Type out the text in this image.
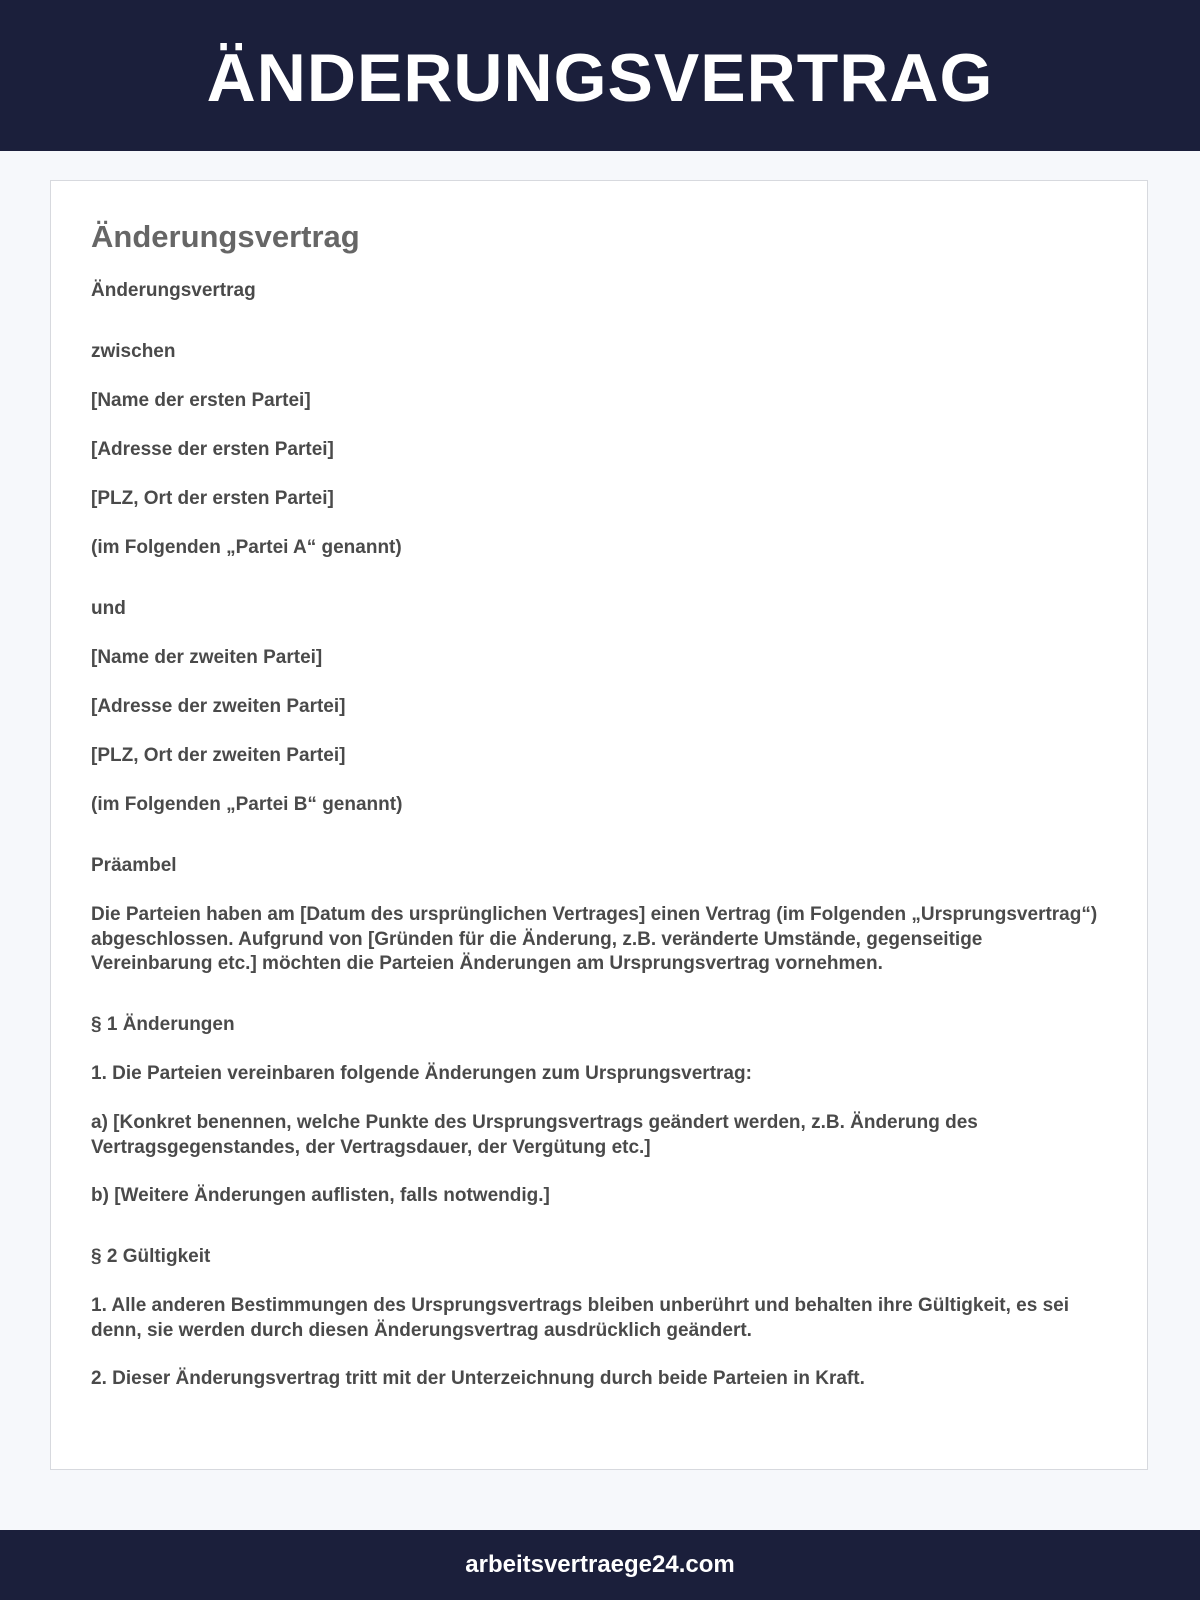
ÄNDERUNGSVERTRAG
Änderungsvertrag

Änderungsvertrag

zwischen

[Name der ersten Partei]

[Adresse der ersten Partei]

[PLZ, Ort der ersten Partei]

(im Folgenden „Partei A“ genannt)

und

[Name der zweiten Partei]

[Adresse der zweiten Partei]

[PLZ, Ort der zweiten Partei]

(im Folgenden „Partei B“ genannt)

Präambel

Die Parteien haben am [Datum des ursprünglichen Vertrages] einen Vertrag (im Folgenden „Ursprungsvertrag“) abgeschlossen. Aufgrund von [Gründen für die Änderung, z.B. veränderte Umstände, gegenseitige Vereinbarung etc.] möchten die Parteien Änderungen am Ursprungsvertrag vornehmen.

§ 1 Änderungen

1. Die Parteien vereinbaren folgende Änderungen zum Ursprungsvertrag:

a) [Konkret benennen, welche Punkte des Ursprungsvertrags geändert werden, z.B. Änderung des Vertragsgegenstandes, der Vertragsdauer, der Vergütung etc.]

b) [Weitere Änderungen auflisten, falls notwendig.]

§ 2 Gültigkeit

1. Alle anderen Bestimmungen des Ursprungsvertrags bleiben unberührt und behalten ihre Gültigkeit, es sei denn, sie werden durch diesen Änderungsvertrag ausdrücklich geändert.

2. Dieser Änderungsvertrag tritt mit der Unterzeichnung durch beide Parteien in Kraft.

arbeitsvertraege24.com
